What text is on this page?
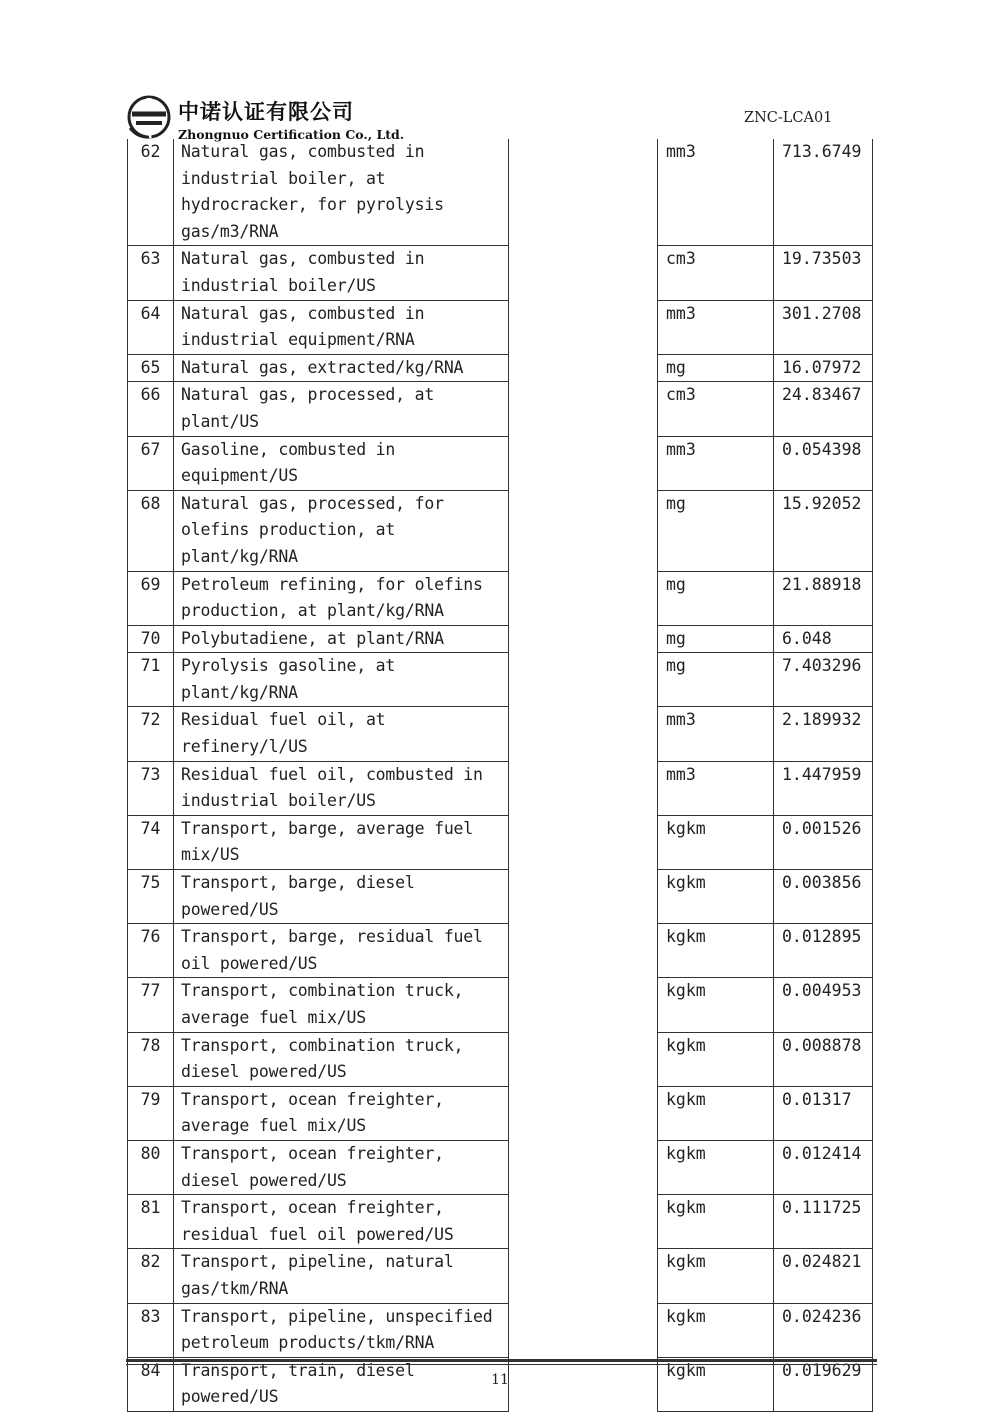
中诺认证有限公司
Zhongnuo Certification Co., Ltd.
ZNC-LCA01
62	Natural gas, combusted in industrial boiler, at hydrocracker, for pyrolysis gas/m3/RNA		mm3	713.6749
63	Natural gas, combusted in industrial boiler/US		cm3	19.73503
64	Natural gas, combusted in industrial equipment/RNA		mm3	301.2708
65	Natural gas, extracted/kg/RNA		mg	16.07972
66	Natural gas, processed, at plant/US		cm3	24.83467
67	Gasoline, combusted in equipment/US		mm3	0.054398
68	Natural gas, processed, for olefins production, at plant/kg/RNA		mg	15.92052
69	Petroleum refining, for olefins production, at plant/kg/RNA		mg	21.88918
70	Polybutadiene, at plant/RNA		mg	6.048
71	Pyrolysis gasoline, at plant/kg/RNA		mg	7.403296
72	Residual fuel oil, at refinery/l/US		mm3	2.189932
73	Residual fuel oil, combusted in industrial boiler/US		mm3	1.447959
74	Transport, barge, average fuel mix/US		kgkm	0.001526
75	Transport, barge, diesel powered/US		kgkm	0.003856
76	Transport, barge, residual fuel oil powered/US		kgkm	0.012895
77	Transport, combination truck, average fuel mix/US		kgkm	0.004953
78	Transport, combination truck, diesel powered/US		kgkm	0.008878
79	Transport, ocean freighter, average fuel mix/US		kgkm	0.01317
80	Transport, ocean freighter, diesel powered/US		kgkm	0.012414
81	Transport, ocean freighter, residual fuel oil powered/US		kgkm	0.111725
82	Transport, pipeline, natural gas/tkm/RNA		kgkm	0.024821
83	Transport, pipeline, unspecified petroleum products/tkm/RNA		kgkm	0.024236
84	Transport, train, diesel powered/US		kgkm	0.019629
11
